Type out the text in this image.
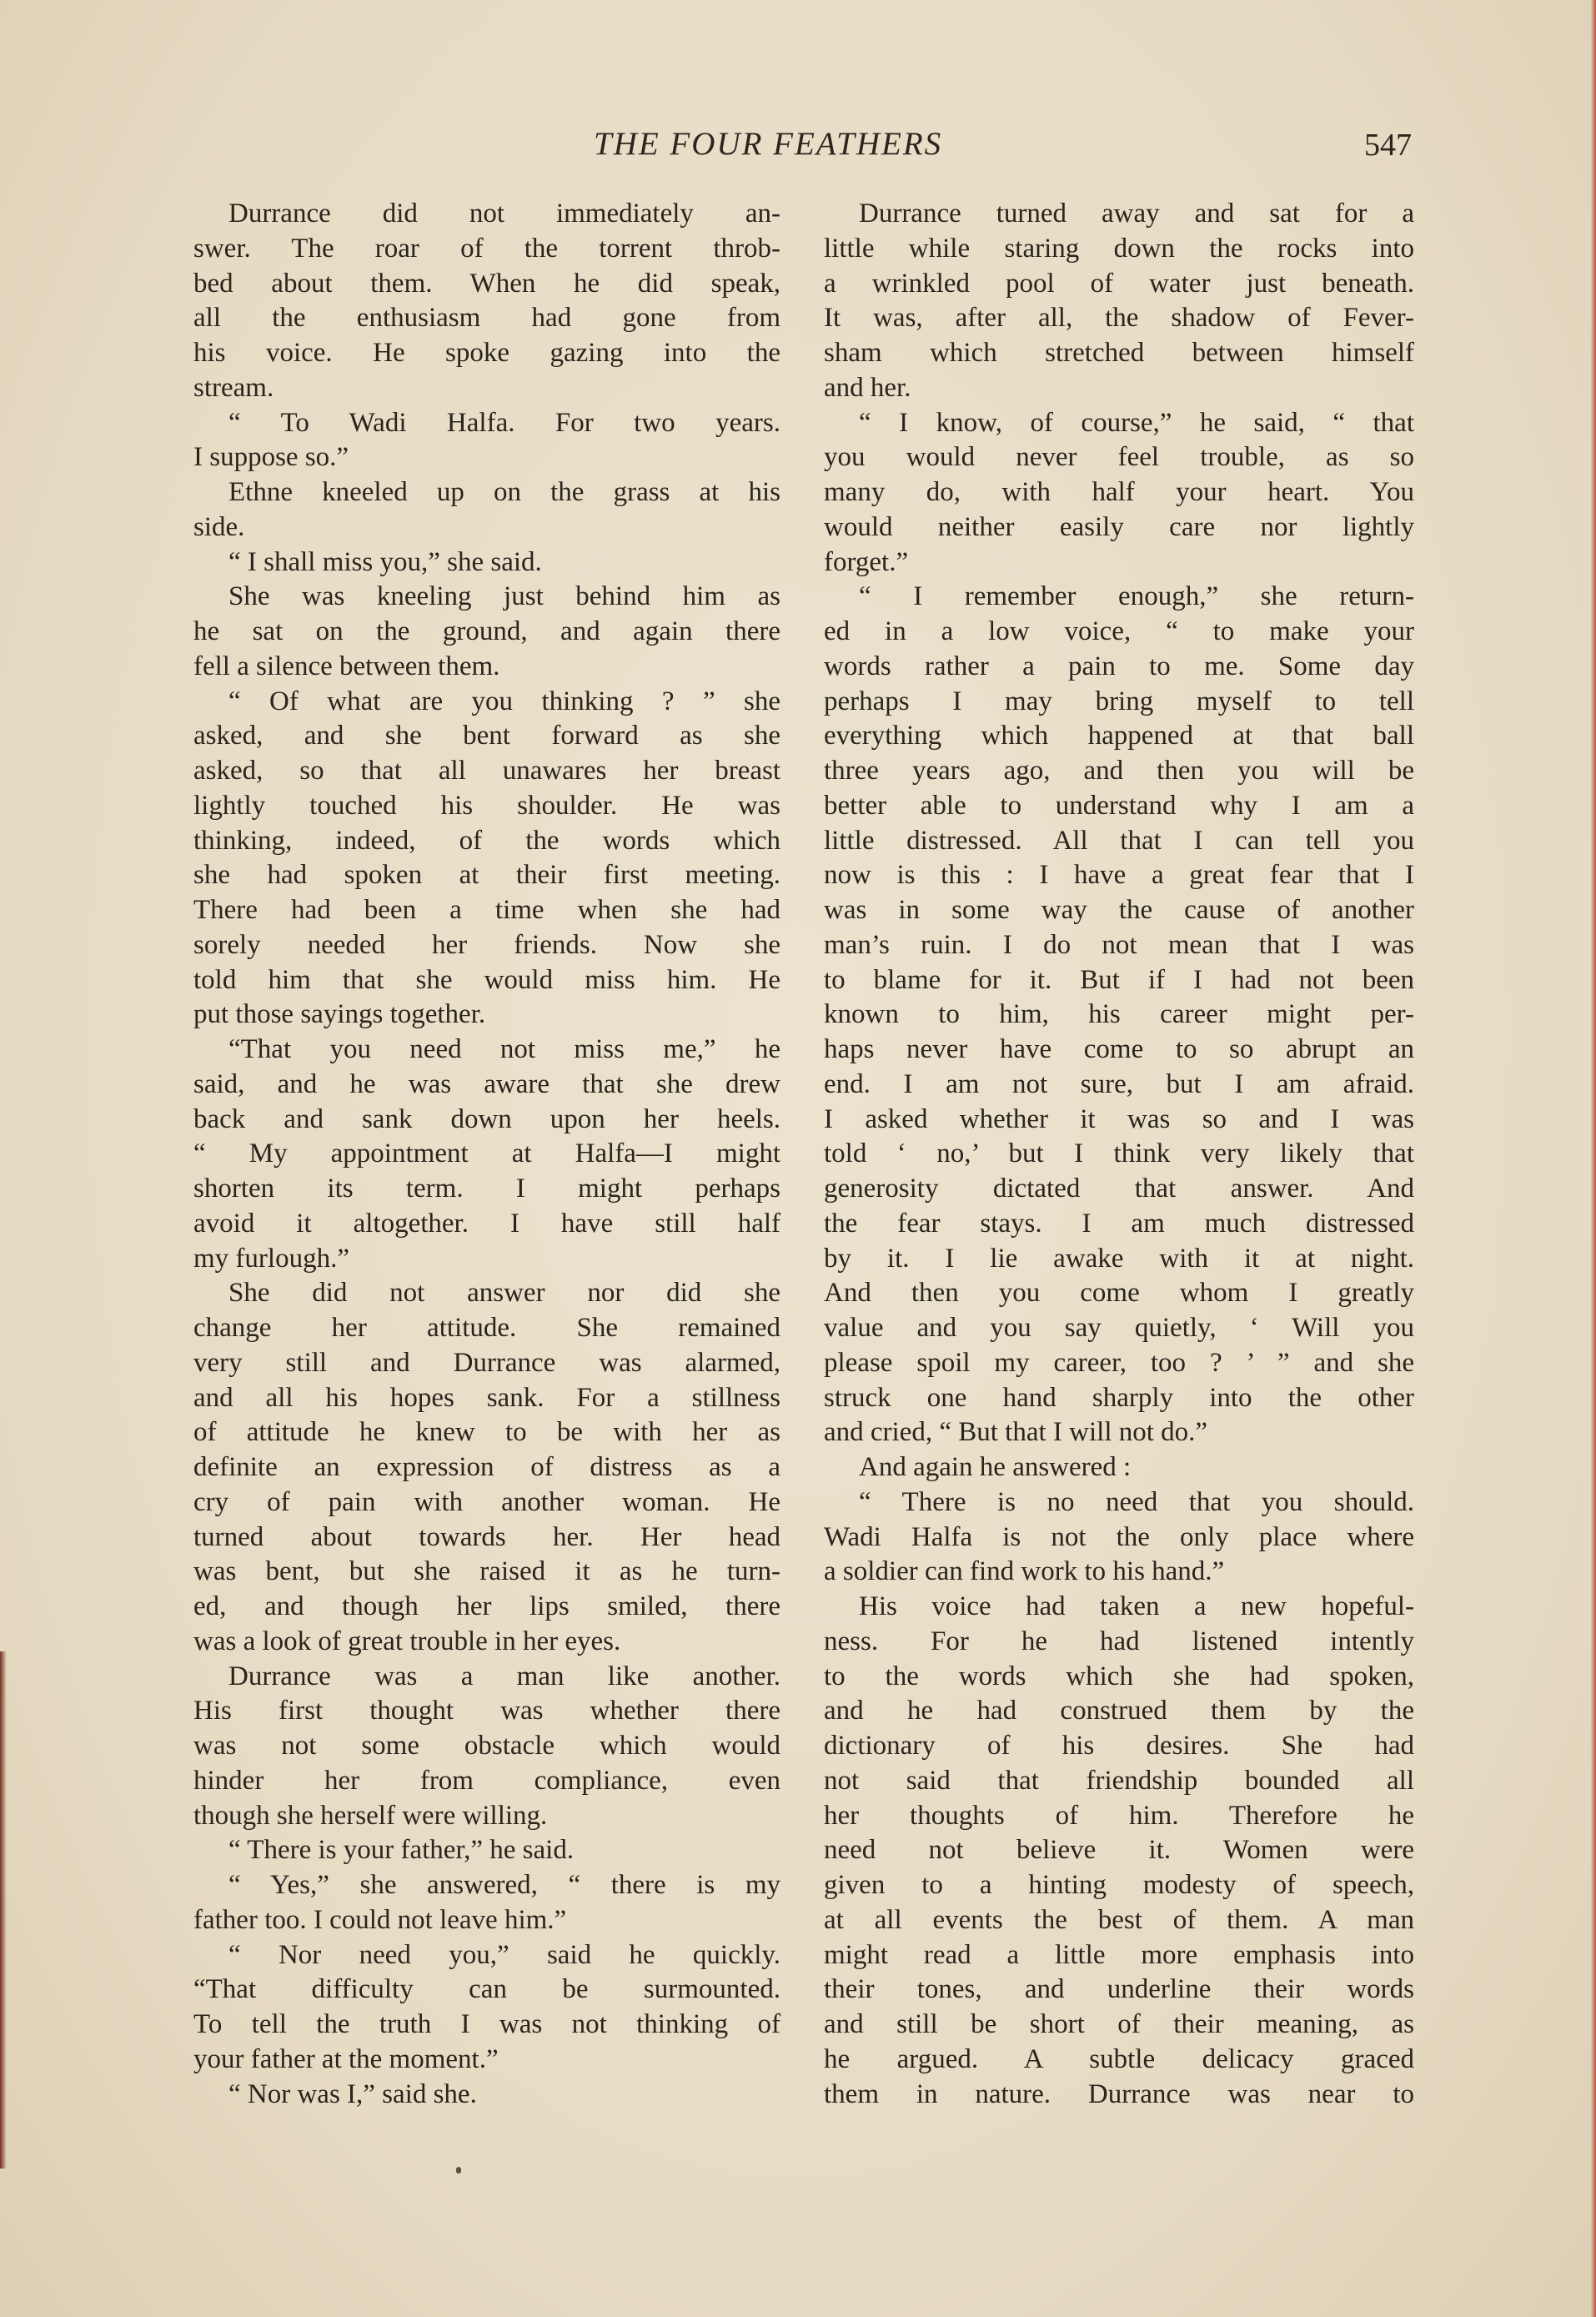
THE FOUR FEATHERS	547

Durrance did not immediately an-

swer. The roar of the torrent throb-

bed about them. When he did speak,

all the enthusiasm had gone from

his voice. He spoke gazing into the

stream.

“ To Wadi Halfa. For two years.

I suppose so.”

Ethne kneeled up on the grass at his

side.

“ I shall miss you,” she said.

She was kneeling just behind him as

he sat on the ground, and again there

fell a silence between them.

“ Of what are you thinking ? ” she

asked, and she bent forward as she

asked, so that all unawares her breast

lightly touched his shoulder. He was

thinking, indeed, of the words which

she had spoken at their first meeting.

There had been a time when she had

sorely needed her friends. Now she

told him that she would miss him. He

put those sayings together.

“That you need not miss me,” he

said, and he was aware that she drew

back and sank down upon her heels.

“ My appointment at Halfa—I might

shorten its term. I might perhaps

avoid it altogether. I have still half

my furlough.”

She did not answer nor did she

change her attitude. She remained

very still and Durrance was alarmed,

and all his hopes sank. For a stillness

of attitude he knew to be with her as

definite an expression of distress as a

cry of pain with another woman. He

turned about towards her. Her head

was bent, but she raised it as he turn-

ed, and though her lips smiled, there

was a look of great trouble in her eyes.

Durrance was a man like another.

His first thought was whether there

was not some obstacle which would

hinder her from compliance, even

though she herself were willing.

“ There is your father,” he said.

“ Yes,” she answered, “ there is my

father too. I could not leave him.”

“ Nor need you,” said he quickly.

“That difficulty can be surmounted.

To tell the truth I was not thinking of

your father at the moment.”

“ Nor was I,” said she.

Durrance turned away and sat for a

little while staring down the rocks into

a wrinkled pool of water just beneath.

It was, after all, the shadow of Fever-

sham which stretched between himself

and her.

“ I know, of course,” he said, “ that

you would never feel trouble, as so

many do, with half your heart. You

would neither easily care nor lightly

forget.”

“ I remember enough,” she return-

ed in a low voice, “ to make your

words rather a pain to me. Some day

perhaps I may bring myself to tell

everything which happened at that ball

three years ago, and then you will be

better able to understand why I am a

little distressed. All that I can tell you

now is this : I have a great fear that I

was in some way the cause of another

man’s ruin. I do not mean that I was

to blame for it. But if I had not been

known to him, his career might per-

haps never have come to so abrupt an

end. I am not sure, but I am afraid.

I asked whether it was so and I was

told ‘ no,’ but I think very likely that

generosity dictated that answer. And

the fear stays. I am much distressed

by it. I lie awake with it at night.

And then you come whom I greatly

value and you say quietly, ‘ Will you

please spoil my career, too ? ’ ” and she

struck one hand sharply into the other

and cried, “ But that I will not do.”

And again he answered :

“ There is no need that you should.

Wadi Halfa is not the only place where

a soldier can find work to his hand.”

His voice had taken a new hopeful-

ness. For he had listened intently

to the words which she had spoken,

and he had construed them by the

dictionary of his desires. She had

not said that friendship bounded all

her thoughts of him. Therefore he

need not believe it. Women were

given to a hinting modesty of speech,

at all events the best of them. A man

might read a little more emphasis into

their tones, and underline their words

and still be short of their meaning, as

he argued. A subtle delicacy graced

them in nature. Durrance was near to
